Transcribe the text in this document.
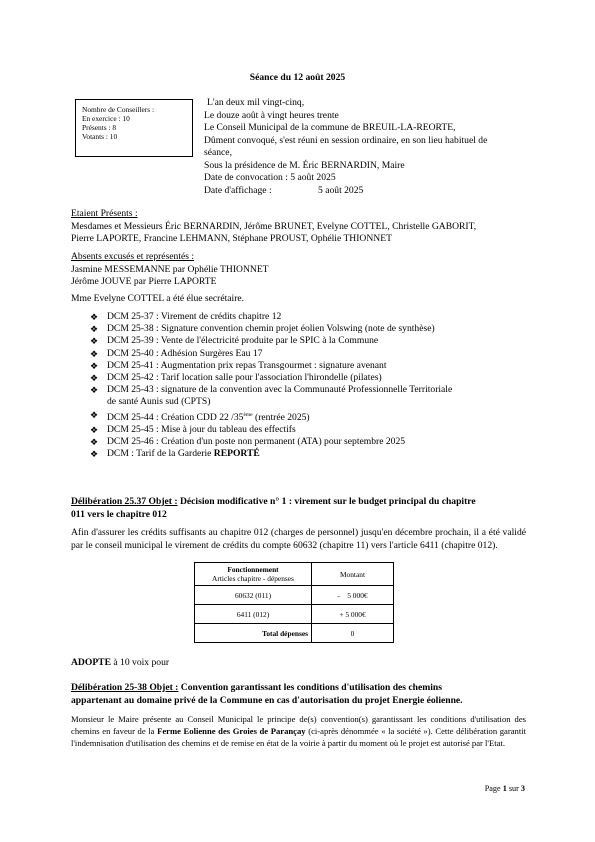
Séance du 12 août 2025
Nombre de Conseillers :
En exercice : 10
Présents : 8
Votants : 10
L'an deux mil vingt-cinq,
Le douze août à vingt heures trente
Le Conseil Municipal de la commune de BREUIL-LA-REORTE,
Dûment convoqué, s'est réuni en session ordinaire, en son lieu habituel de
séance,
Sous la présidence de M. Éric BERNARDIN, Maire
Date de convocation : 5 août 2025
Date d'affichage :	5 août 2025
Etaient Présents :
Mesdames et Messieurs Éric BERNARDIN, Jérôme BRUNET, Evelyne COTTEL, Christelle GABORIT,
Pierre LAPORTE, Francine LEHMANN, Stéphane PROUST, Ophélie THIONNET
Absents excusés et représentés :
Jasmine MESSEMANNE par Ophélie THIONNET
Jérôme JOUVE par Pierre LAPORTE
Mme Evelyne COTTEL a été élue secrétaire.
❖ DCM 25-37 : Virement de crédits chapitre 12
❖ DCM 25-38 : Signature convention chemin projet éolien Volswing (note de synthèse)
❖ DCM 25-39 : Vente de l'électricité produite par le SPIC à la Commune
❖ DCM 25-40 : Adhésion Surgères Eau 17
❖ DCM 25-41 : Augmentation prix repas Transgourmet : signature avenant
❖ DCM 25-42 : Tarif location salle pour l'association l'hirondelle (pilates)
❖ DCM 25-43 : signature de la convention avec la Communauté Professionnelle Territoriale
de santé Aunis sud (CPTS)
❖ DCM 25-44 : Création CDD 22 /35ème (rentrée 2025)
❖ DCM 25-45 : Mise à jour du tableau des effectifs
❖ DCM 25-46 : Création d'un poste non permanent (ATA) pour septembre 2025
❖ DCM : Tarif de la Garderie REPORTÉ
Délibération 25.37 Objet : Décision modificative n° 1 : virement sur le budget principal du chapitre
011 vers le chapitre 012
Afin d'assurer les crédits suffisants au chapitre 012 (charges de personnel) jusqu'en décembre prochain, il a été validé par le conseil municipal le virement de crédits du compte 60632 (chapitre 11) vers l'article 6411 (chapitre 012).
Fonctionnement
Articles chapitre - dépenses	Montant
60632 (011)	-    5 000€
6411 (012)	+ 5 000€
Total dépenses	0
ADOPTE à 10 voix pour
Délibération 25-38 Objet : Convention garantissant les conditions d'utilisation des chemins
appartenant au domaine privé de la Commune en cas d'autorisation du projet Energie éolienne.
Monsieur le Maire présente au Conseil Municipal le principe de(s) convention(s) garantissant les conditions d'utilisation des chemins en faveur de la Ferme Eolienne des Groies de Parançay (ci-après dénommée « la société »). Cette délibération garantit l'indemnisation d'utilisation des chemins et de remise en état de la voirie à partir du moment où le projet est autorisé par l'Etat.
Page 1 sur 3
